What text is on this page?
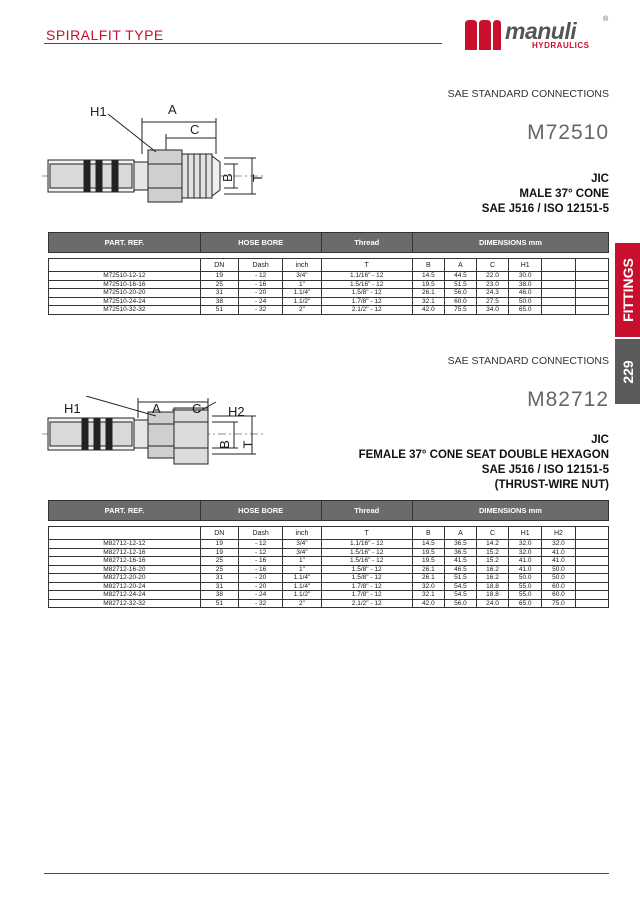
SPIRALFIT TYPE	manuli	®
HYDRAULICS
FITTINGS
229
SAE STANDARD CONNECTIONS
M72510
JIC
MALE 37° CONE
SAE J516 / ISO 12151-5
H1	A
C
B T
PART. REF.	HOSE BORE			Thread	DIMENSIONS mm					

	DN	Dash	inch	T	B	A	C	H1		
M72510-12-12	19	- 12	3/4"	1.1/16" - 12	14.5	44.5	22.0	30.0		
M72510-16-16	25	- 16	1"	1.5/16" - 12	19.5	51.5	23.0	38.0		
M72510-20-20	31	- 20	1.1/4"	1.5/8" - 12	26.1	56.0	24.3	46.0		
M72510-24-24	38	- 24	1.1/2"	1.7/8" - 12	32.1	60.0	27.5	50.0		
M72510-32-32	51	- 32	2"	2.1/2" - 12	42.0	75.5	34.0	65.0		
SAE STANDARD CONNECTIONS
M82712
JIC
FEMALE 37° CONE SEAT DOUBLE HEXAGON
SAE J516 / ISO 12151-5
(THRUST-WIRE NUT)
H1	A C H2
B T
PART. REF.	HOSE BORE			Thread	DIMENSIONS mm					

	DN	Dash	inch	T	B	A	C	H1	H2	
M82712-12-12	19	- 12	3/4"	1.1/16" - 12	14.5	36.5	14.2	32.0	32.0	
M82712-12-16	19	- 12	3/4"	1.5/16" - 12	19.5	36.5	15.2	32.0	41.0	
M82712-16-16	25	- 16	1"	1.5/16" - 12	19.5	41.5	15.2	41.0	41.0	
M82712-16-20	25	- 16	1"	1.5/8" - 12	26.1	46.5	16.2	41.0	50.0	
M82712-20-20	31	- 20	1.1/4"	1.5/8" - 12	26.1	51.5	16.2	50.0	50.0	
M82712-20-24	31	- 20	1.1/4"	1.7/8" - 12	32.0	54.5	18.8	55.0	60.0	
M82712-24-24	38	- 24	1.1/2"	1.7/8" - 12	32.1	54.5	18.8	55.0	60.0	
M82712-32-32	51	- 32	2"	2.1/2" - 12	42.0	56.0	24.0	65.0	75.0	
